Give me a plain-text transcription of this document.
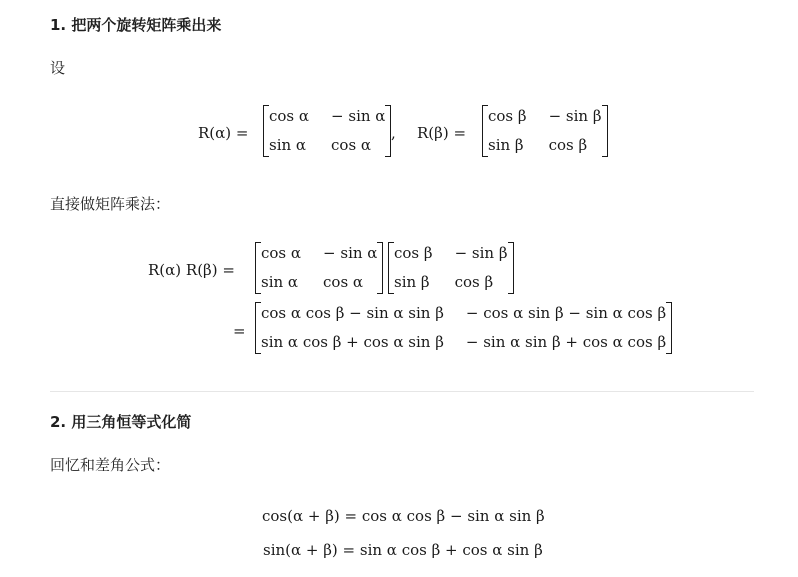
1. 把两个旋转矩阵乘出来
设
R(α) =
cos α − sin α
sin α cos α
, R(β) =
cos β − sin β
sin β cos β
直接做矩阵乘法：
R(α) R(β) =
cos α − sin α
sin α cos α
cos β − sin β
sin β cos β
=
cos α cos β − sin α sin β − cos α sin β − sin α cos β
sin α cos β + cos α sin β − sin α sin β + cos α cos β
2. 用三角恒等式化简
回忆和差角公式：
cos(α + β) = cos α cos β − sin α sin β
sin(α + β) = sin α cos β + cos α sin β
